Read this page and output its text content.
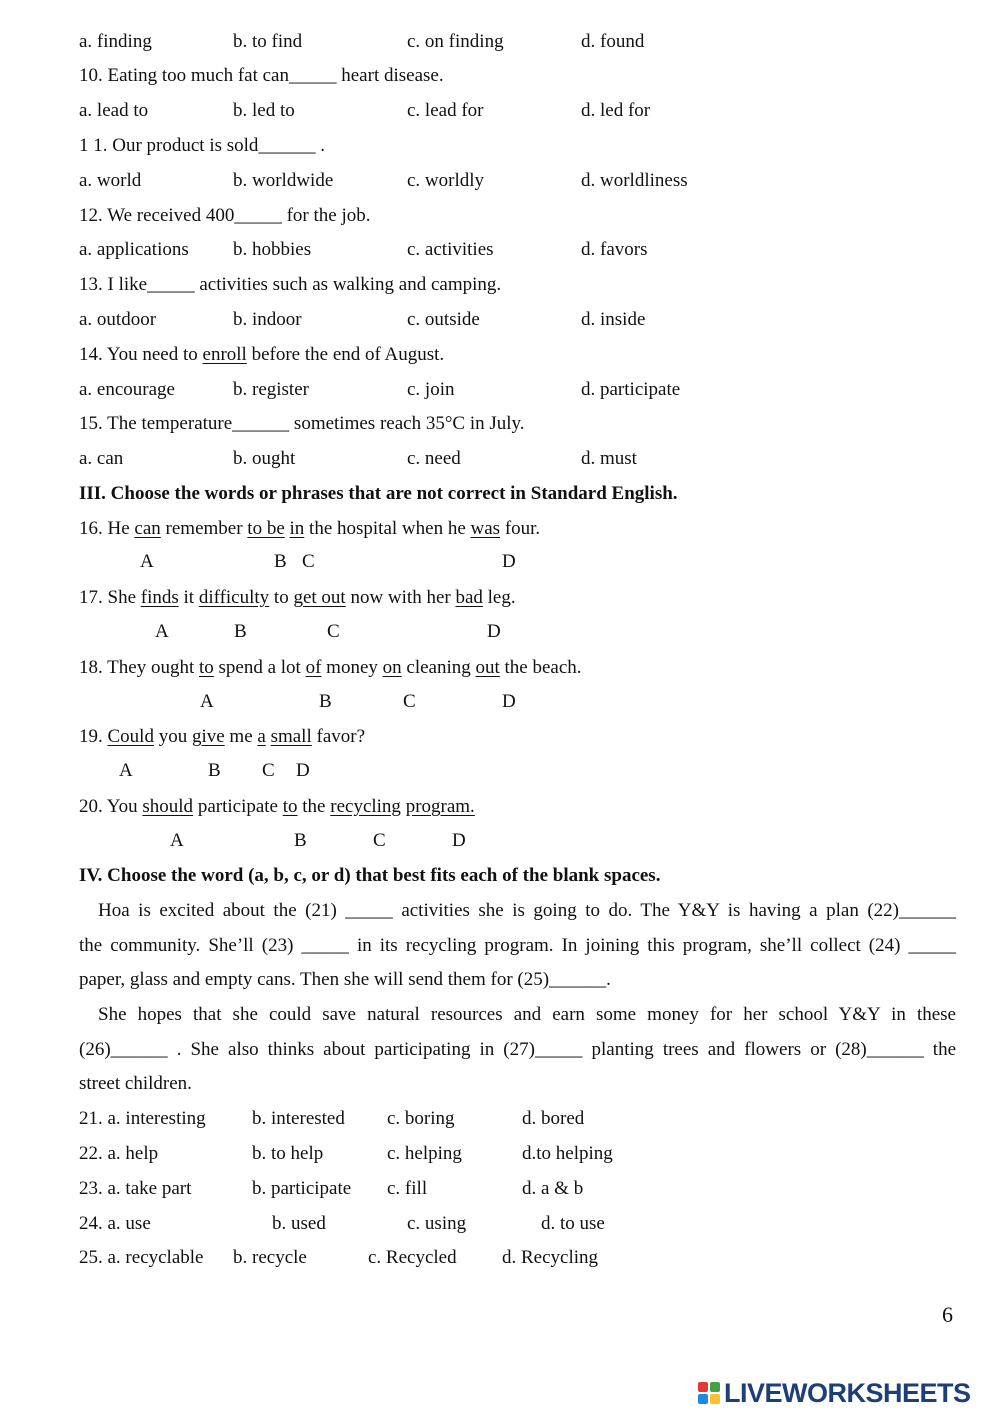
a. finding	b. to find	c. on finding	d. found
10. Eating too much fat can_____ heart disease.
a. lead to	b. led to	c. lead for	d. led for
1 1. Our product is sold______ .
a. world	b. worldwide	c. worldly	d. worldliness
12. We received 400_____ for the job.
a. applications b. hobbies	c. activities	d. favors
13. I like_____ activities such as walking and camping.
a. outdoor	b. indoor	c. outside	d. inside
14. You need to enroll before the end of August.
a. encourage	b. register	c. join	d. participate
15. The temperature______ sometimes reach 35°C in July.
a. can	b. ought	c. need	d. must
III. Choose the words or phrases that are not correct in Standard English.
16. He can remember to be in the hospital when he was four.
A	B C	D
17. She finds it difficulty to get out now with her bad leg.
A	B	C	D
18. They ought to spend a lot of money on cleaning out the beach.
A	B	C	D
19. Could you give me a small favor?
A	B C D
20. You should participate to the recycling program.
A	B	C	D
IV. Choose the word (a, b, c, or d) that best fits each of the blank spaces.
Hoa is excited about the (21) _____ activities she is going to do. The Y&Y is having a plan (22)______
the community. She’ll (23) _____ in its recycling program. In joining this program, she’ll collect (24) _____
paper, glass and empty cans. Then she will send them for (25)______.
She hopes that she could save natural resources and earn some money for her school Y&Y in these
(26)______ . She also thinks about participating in (27)_____ planting trees and flowers or (28)______ the
street children.
21. a. interesting b. interested c. boring	d. bored
22. a. help	b. to help	c. helping	d.to helping
23. a. take part	b. participate c. fill	d. a & b
24. a. use	b. used	c. using	d. to use
25. a. recyclable b. recycle	c. Recycled d. Recycling
6
LIVEWORKSHEETS
